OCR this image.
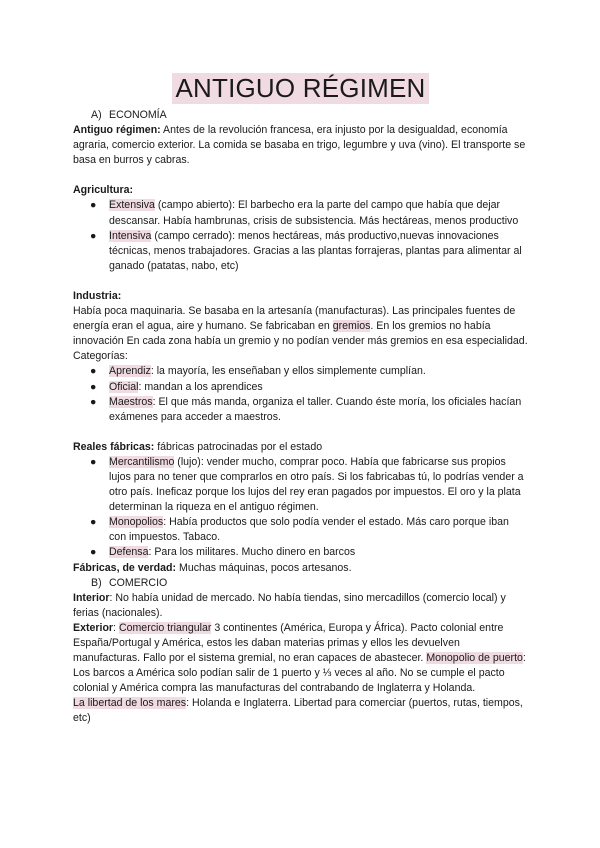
ANTIGUO RÉGIMEN

A) ECONOMÍA

Antiguo régimen: Antes de la revolución francesa, era injusto por la desigualdad, economía agraria, comercio exterior. La comida se basaba en trigo, legumbre y uva (vino). El transporte se basa en burros y cabras.

Agricultura:

● Extensiva (campo abierto): El barbecho era la parte del campo que había que dejar descansar. Había hambrunas, crisis de subsistencia. Más hectáreas, menos productivo
● Intensiva (campo cerrado): menos hectáreas, más productivo,nuevas innovaciones técnicas, menos trabajadores. Gracias a las plantas forrajeras, plantas para alimentar al ganado (patatas, nabo, etc)

Industria:

Había poca maquinaria. Se basaba en la artesanía (manufacturas). Las principales fuentes de energía eran el agua, aire y humano. Se fabricaban en gremios. En los gremios no había innovación En cada zona había un gremio y no podían vender más gremios en esa especialidad. Categorías:

● Aprendiz: la mayoría, les enseñaban y ellos simplemente cumplían.
● Oficial: mandan a los aprendices
● Maestros: El que más manda, organiza el taller. Cuando éste moría, los oficiales hacían exámenes para acceder a maestros.

Reales fábricas: fábricas patrocinadas por el estado

● Mercantilismo (lujo): vender mucho, comprar poco. Había que fabricarse sus propios lujos para no tener que comprarlos en otro país. Si los fabricabas tú, lo podrías vender a otro país. Ineficaz porque los lujos del rey eran pagados por impuestos. El oro y la plata determinan la riqueza en el antiguo régimen.
● Monopolios: Había productos que solo podía vender el estado. Más caro porque iban con impuestos. Tabaco.
● Defensa: Para los militares. Mucho dinero en barcos

Fábricas, de verdad: Muchas máquinas, pocos artesanos.

B) COMERCIO

Interior: No había unidad de mercado. No había tiendas, sino mercadillos (comercio local) y ferias (nacionales).

Exterior: Comercio triangular 3 continentes (América, Europa y África). Pacto colonial entre España/Portugal y América, estos les daban materias primas y ellos les devuelven manufacturas. Fallo por el sistema gremial, no eran capaces de abastecer. Monopolio de puerto: Los barcos a América solo podían salir de 1 puerto y ⅓ veces al año. No se cumple el pacto colonial y América compra las manufacturas del contrabando de Inglaterra y Holanda.

La libertad de los mares: Holanda e Inglaterra. Libertad para comerciar (puertos, rutas, tiempos, etc)
